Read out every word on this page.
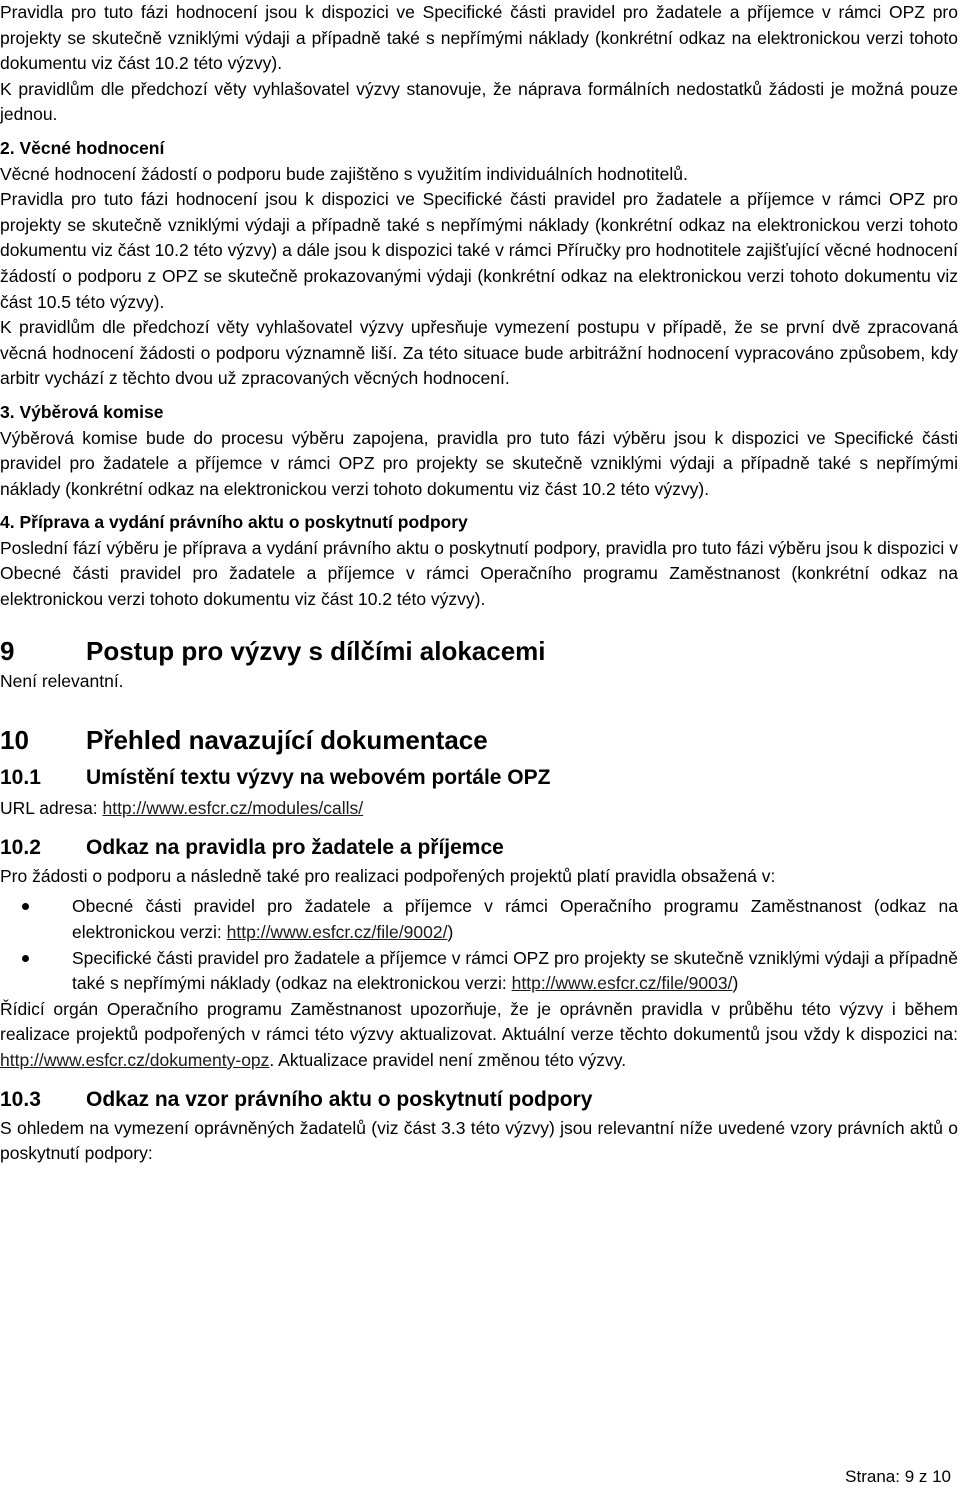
Pravidla pro tuto fázi hodnocení jsou k dispozici ve Specifické části pravidel pro žadatele a příjemce v rámci OPZ pro projekty se skutečně vzniklými výdaji a případně také s nepřímými náklady (konkrétní odkaz na elektronickou verzi tohoto dokumentu viz část 10.2 této výzvy).

K pravidlům dle předchozí věty vyhlašovatel výzvy stanovuje, že náprava formálních nedostatků žádosti je možná pouze jednou.

2. Věcné hodnocení

Věcné hodnocení žádostí o podporu bude zajištěno s využitím individuálních hodnotitelů.

Pravidla pro tuto fázi hodnocení jsou k dispozici ve Specifické části pravidel pro žadatele a příjemce v rámci OPZ pro projekty se skutečně vzniklými výdaji a případně také s nepřímými náklady (konkrétní odkaz na elektronickou verzi tohoto dokumentu viz část 10.2 této výzvy) a dále jsou k dispozici také v rámci Příručky pro hodnotitele zajišťující věcné hodnocení žádostí o podporu z OPZ se skutečně prokazovanými výdaji (konkrétní odkaz na elektronickou verzi tohoto dokumentu viz část 10.5 této výzvy).

K pravidlům dle předchozí věty vyhlašovatel výzvy upřesňuje vymezení postupu v případě, že se první dvě zpracovaná věcná hodnocení žádosti o podporu významně liší. Za této situace bude arbitrážní hodnocení vypracováno způsobem, kdy arbitr vychází z těchto dvou už zpracovaných věcných hodnocení.

3. Výběrová komise

Výběrová komise bude do procesu výběru zapojena, pravidla pro tuto fázi výběru jsou k dispozici ve Specifické části pravidel pro žadatele a příjemce v rámci OPZ pro projekty se skutečně vzniklými výdaji a případně také s nepřímými náklady (konkrétní odkaz na elektronickou verzi tohoto dokumentu viz část 10.2 této výzvy).

4. Příprava a vydání právního aktu o poskytnutí podpory

Poslední fází výběru je příprava a vydání právního aktu o poskytnutí podpory, pravidla pro tuto fázi výběru jsou k dispozici v Obecné části pravidel pro žadatele a příjemce v rámci Operačního programu Zaměstnanost (konkrétní odkaz na elektronickou verzi tohoto dokumentu viz část 10.2 této výzvy).

9	Postup pro výzvy s dílčími alokacemi

Není relevantní.

10 Přehled navazující dokumentace
10.1 Umístění textu výzvy na webovém portále OPZ

URL adresa: http://www.esfcr.cz/modules/calls/

10.2 Odkaz na pravidla pro žadatele a příjemce

Pro žádosti o podporu a následně také pro realizaci podpořených projektů platí pravidla obsažená v:

Obecné části pravidel pro žadatele a příjemce v rámci Operačního programu Zaměstnanost (odkaz na elektronickou verzi: http://www.esfcr.cz/file/9002/)
Specifické části pravidel pro žadatele a příjemce v rámci OPZ pro projekty se skutečně vzniklými výdaji a případně také s nepřímými náklady (odkaz na elektronickou verzi: http://www.esfcr.cz/file/9003/)

Řídicí orgán Operačního programu Zaměstnanost upozorňuje, že je oprávněn pravidla v průběhu této výzvy i během realizace projektů podpořených v rámci této výzvy aktualizovat. Aktuální verze těchto dokumentů jsou vždy k dispozici na: http://www.esfcr.cz/dokumenty-opz. Aktualizace pravidel není změnou této výzvy.

10.3 Odkaz na vzor právního aktu o poskytnutí podpory

S ohledem na vymezení oprávněných žadatelů (viz část 3.3 této výzvy) jsou relevantní níže uvedené vzory právních aktů o poskytnutí podpory:

Strana: 9 z 10
